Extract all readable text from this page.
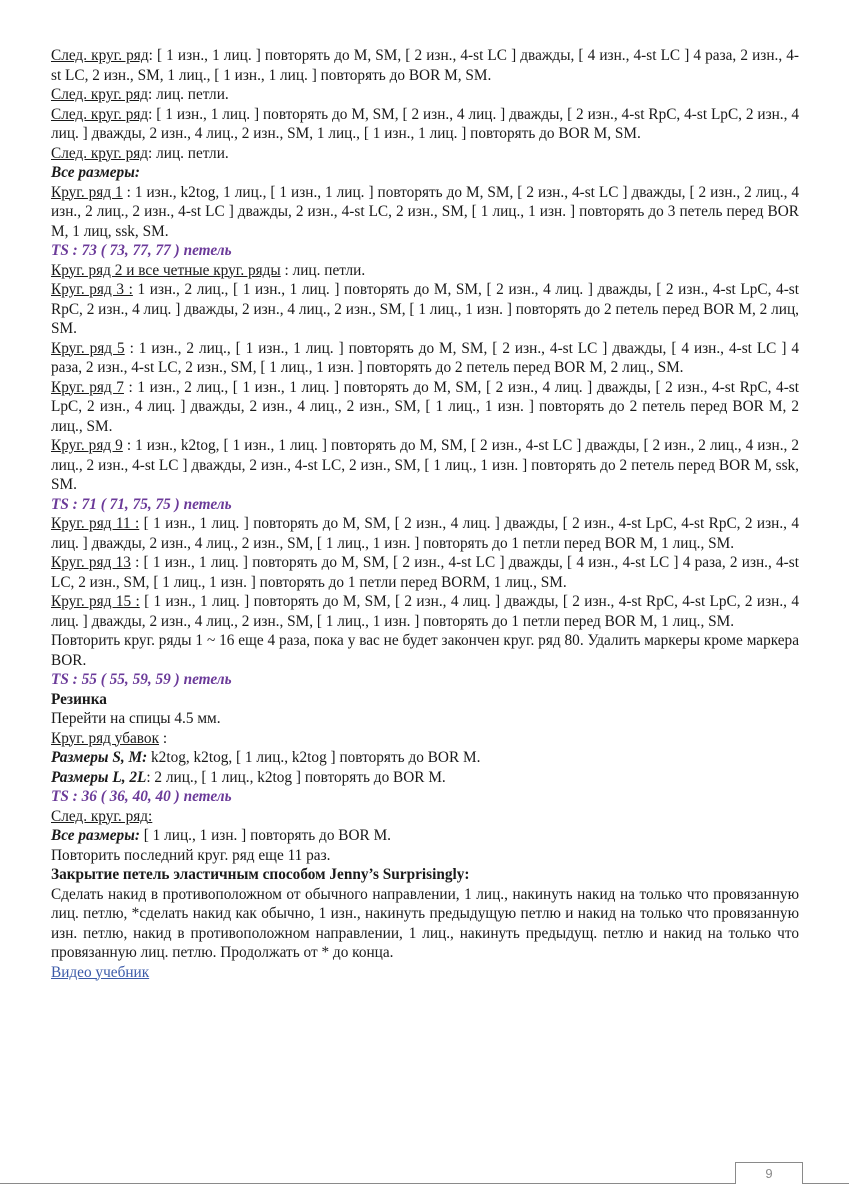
След. круг. ряд: [ 1 изн., 1 лиц. ] повторять до M, SM, [ 2 изн., 4-st LC ] дважды, [ 4 изн., 4-st LC ] 4 раза, 2 изн., 4-st LC, 2 изн., SM, 1 лиц., [ 1 изн., 1 лиц. ] повторять до BOR M, SM.

След. круг. ряд: лиц. петли.

След. круг. ряд: [ 1 изн., 1 лиц. ] повторять до M, SM, [ 2 изн., 4 лиц. ] дважды, [ 2 изн., 4-st RpC, 4-st LpC, 2 изн., 4 лиц. ] дважды, 2 изн., 4 лиц., 2 изн., SM, 1 лиц., [ 1 изн., 1 лиц. ] повторять до BOR M, SM.

След. круг. ряд: лиц. петли.

Все размеры:

Круг. ряд 1 : 1 изн., k2tog, 1 лиц., [ 1 изн., 1 лиц. ] повторять до M, SM, [ 2 изн., 4-st LC ] дважды, [ 2 изн., 2 лиц., 4 изн., 2 лиц., 2 изн., 4-st LC ] дважды, 2 изн., 4-st LC, 2 изн., SM, [ 1 лиц., 1 изн. ] повторять до 3 петель перед BOR M, 1 лиц, ssk, SM.

TS : 73 ( 73, 77, 77 ) петель

Круг. ряд 2 и все четные круг. ряды : лиц. петли.

Круг. ряд 3 : 1 изн., 2 лиц., [ 1 изн., 1 лиц. ] повторять до M, SM, [ 2 изн., 4 лиц. ] дважды, [ 2 изн., 4-st LpC, 4-st RpC, 2 изн., 4 лиц. ] дважды, 2 изн., 4 лиц., 2 изн., SM, [ 1 лиц., 1 изн. ] повторять до 2 петель перед BOR M, 2 лиц, SM.

Круг. ряд 5 : 1 изн., 2 лиц., [ 1 изн., 1 лиц. ] повторять до M, SM, [ 2 изн., 4-st LC ] дважды, [ 4 изн., 4-st LC ] 4 раза, 2 изн., 4-st LC, 2 изн., SM, [ 1 лиц., 1 изн. ] повторять до 2 петель перед BOR M, 2 лиц., SM.

Круг. ряд 7 : 1 изн., 2 лиц., [ 1 изн., 1 лиц. ] повторять до M, SM, [ 2 изн., 4 лиц. ] дважды, [ 2 изн., 4-st RpC, 4-st LpC, 2 изн., 4 лиц. ] дважды, 2 изн., 4 лиц., 2 изн., SM, [ 1 лиц., 1 изн. ] повторять до 2 петель перед BOR M, 2 лиц., SM.

Круг. ряд 9 : 1 изн., k2tog, [ 1 изн., 1 лиц. ] повторять до M, SM, [ 2 изн., 4-st LC ] дважды, [ 2 изн., 2 лиц., 4 изн., 2 лиц., 2 изн., 4-st LC ] дважды, 2 изн., 4-st LC, 2 изн., SM, [ 1 лиц., 1 изн. ] повторять до 2 петель перед BOR M, ssk, SM.

TS : 71 ( 71, 75, 75 ) петель

Круг. ряд 11 : [ 1 изн., 1 лиц. ] повторять до M, SM, [ 2 изн., 4 лиц. ] дважды, [ 2 изн., 4-st LpC, 4-st RpC, 2 изн., 4 лиц. ] дважды, 2 изн., 4 лиц., 2 изн., SM, [ 1 лиц., 1 изн. ] повторять до 1 петли перед BOR M, 1 лиц., SM.

Круг. ряд 13 : [ 1 изн., 1 лиц. ] повторять до M, SM, [ 2 изн., 4-st LC ] дважды, [ 4 изн., 4-st LC ] 4 раза, 2 изн., 4-st LC, 2 изн., SM, [ 1 лиц., 1 изн. ] повторять до 1 петли перед BORM, 1 лиц., SM.

Круг. ряд 15 : [ 1 изн., 1 лиц. ] повторять до M, SM, [ 2 изн., 4 лиц. ] дважды, [ 2 изн., 4-st RpC, 4-st LpC, 2 изн., 4 лиц. ] дважды, 2 изн., 4 лиц., 2 изн., SM, [ 1 лиц., 1 изн. ] повторять до 1 петли перед BOR M, 1 лиц., SM.

Повторить круг. ряды 1 ~ 16 еще 4 раза, пока у вас не будет закончен круг. ряд 80. Удалить маркеры кроме маркера BOR.

TS : 55 ( 55, 59, 59 ) петель

Резинка

Перейти на спицы 4.5 мм.

Круг. ряд убавок :

Размеры S, M: k2tog, k2tog, [ 1 лиц., k2tog ] повторять до BOR M.

Размеры L, 2L: 2 лиц., [ 1 лиц., k2tog ] повторять до BOR M.

TS : 36 ( 36, 40, 40 ) петель

След. круг. ряд:

Все размеры: [ 1 лиц., 1 изн. ] повторять до BOR M.

Повторить последний круг. ряд еще 11 раз.

Закрытие петель эластичным способом Jenny’s Surprisingly:

Сделать накид в противоположном от обычного направлении, 1 лиц., накинуть накид на только что провязанную лиц. петлю, *сделать накид как обычно, 1 изн., накинуть предыдущую петлю и накид на только что провязанную изн. петлю, накид в противоположном направлении, 1 лиц., накинуть предыдущ. петлю и накид на только что провязанную лиц. петлю. Продолжать от * до конца.

Видео учебник

9
